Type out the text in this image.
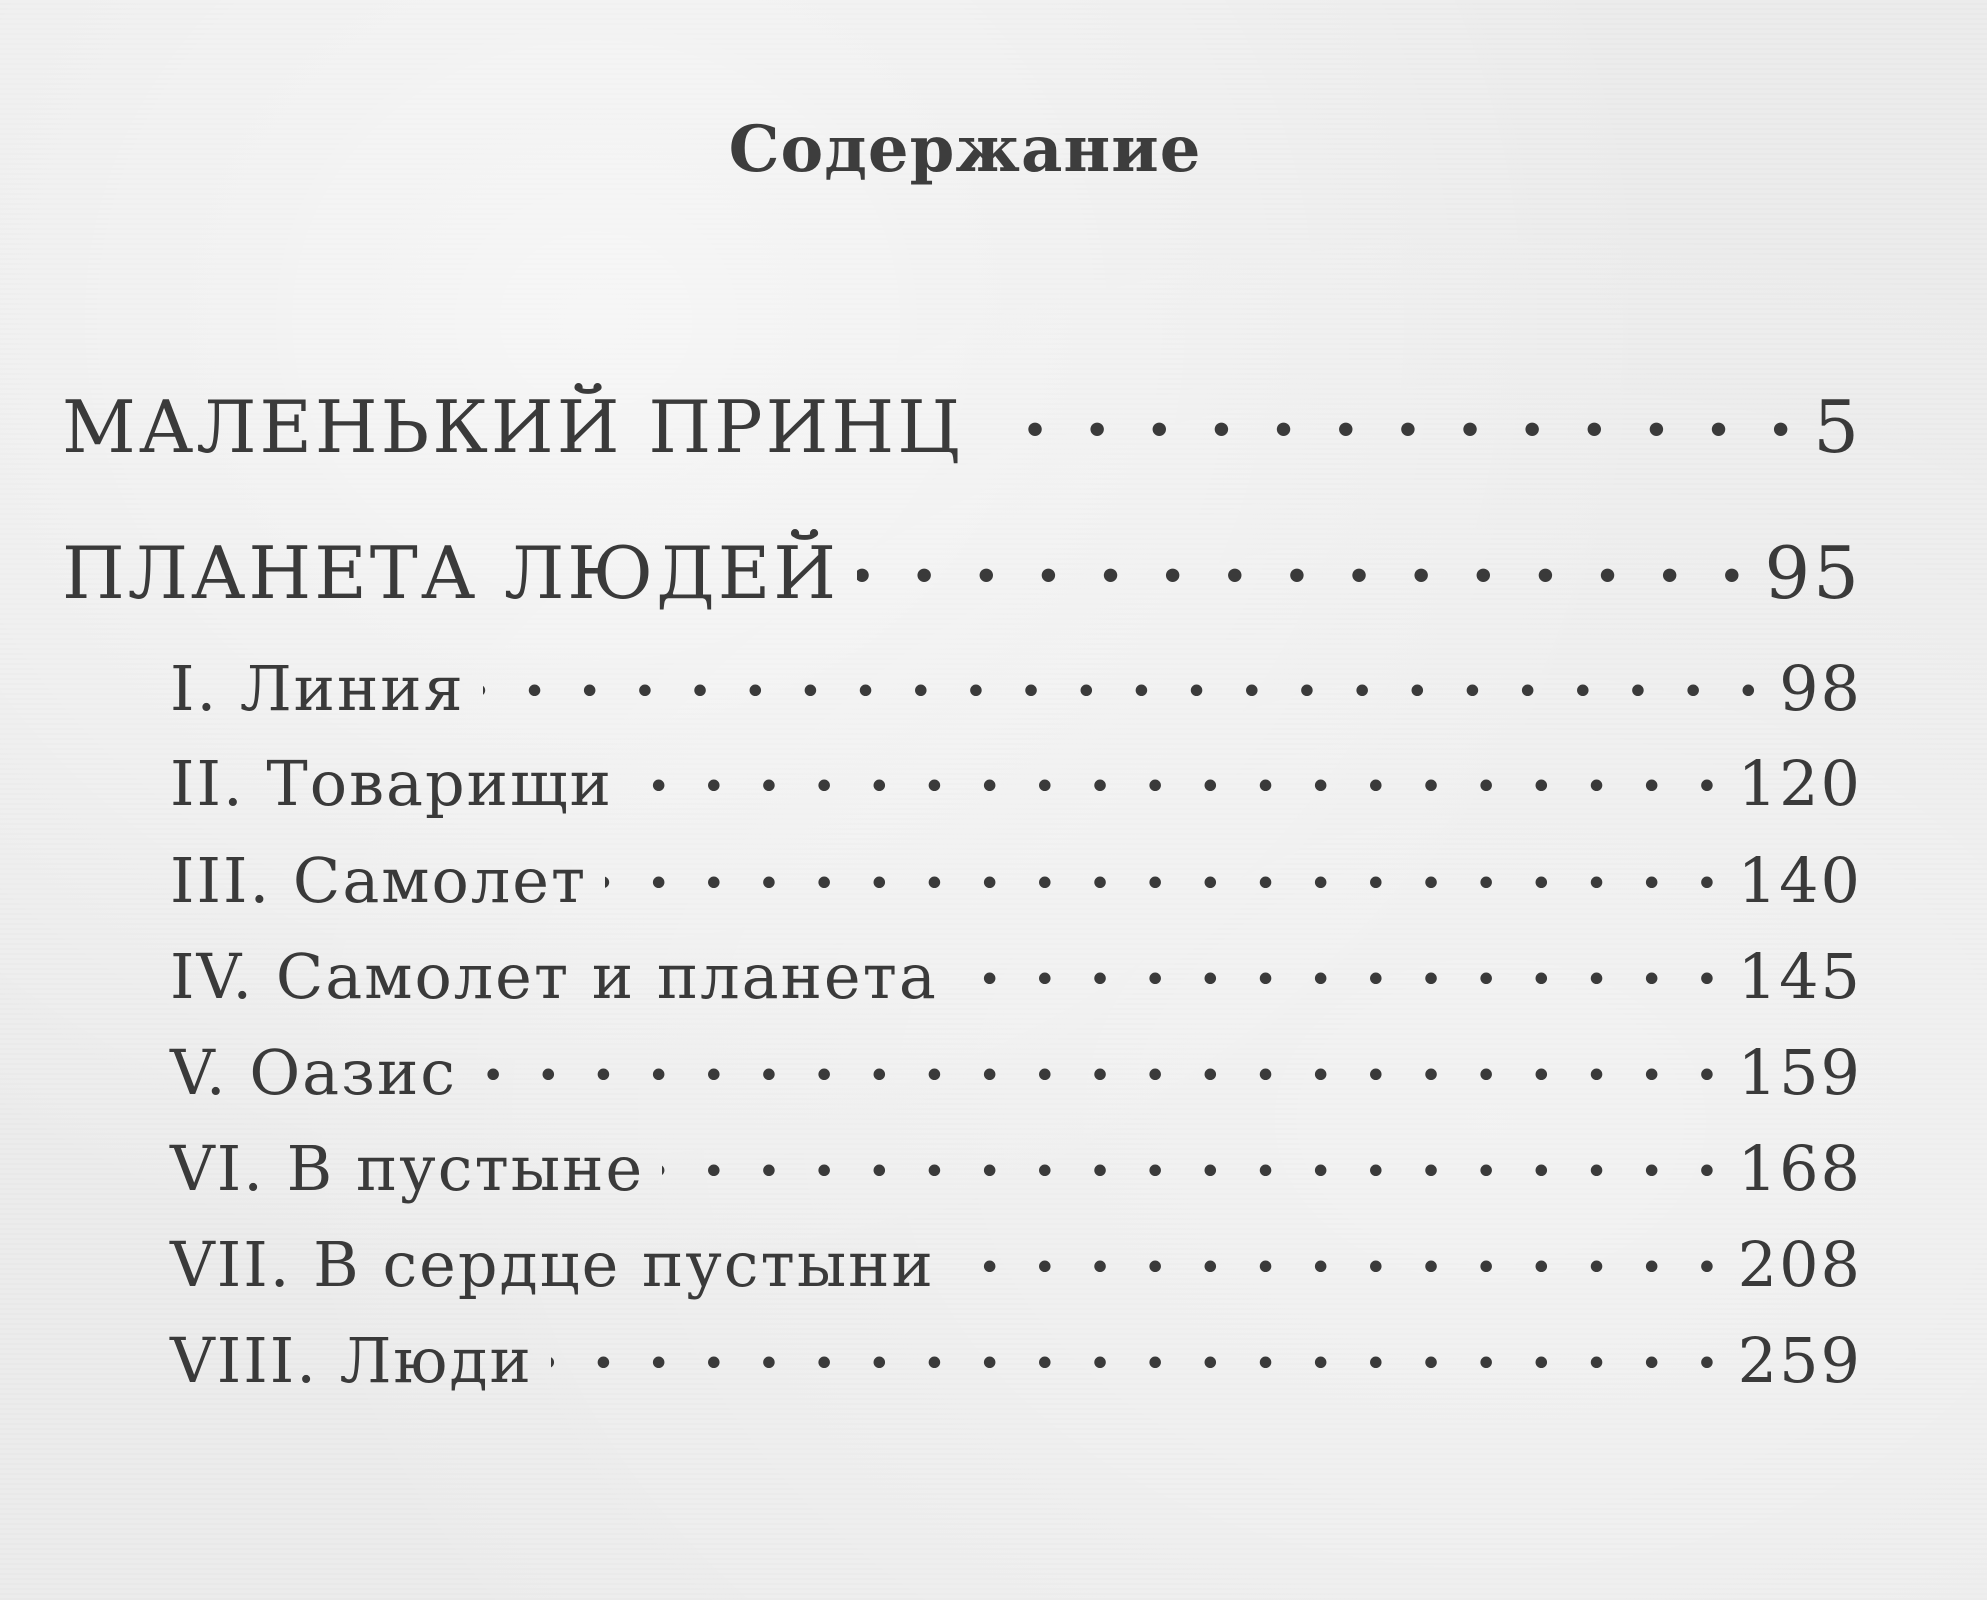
Содержание
МАЛЕНЬКИЙ ПРИНЦ . . .	5
ПЛАНЕТА ЛЮДЕЙ . . .	95
I. Линия . . .	98
II. Товарищи . . .	120
III. Самолет . . .	140
IV. Самолет и планета . . .	145
V. Оазис . . .	159
VI. В пустыне . . .	168
VII. В сердце пустыни . . .	208
VIII. Люди . . .	259
